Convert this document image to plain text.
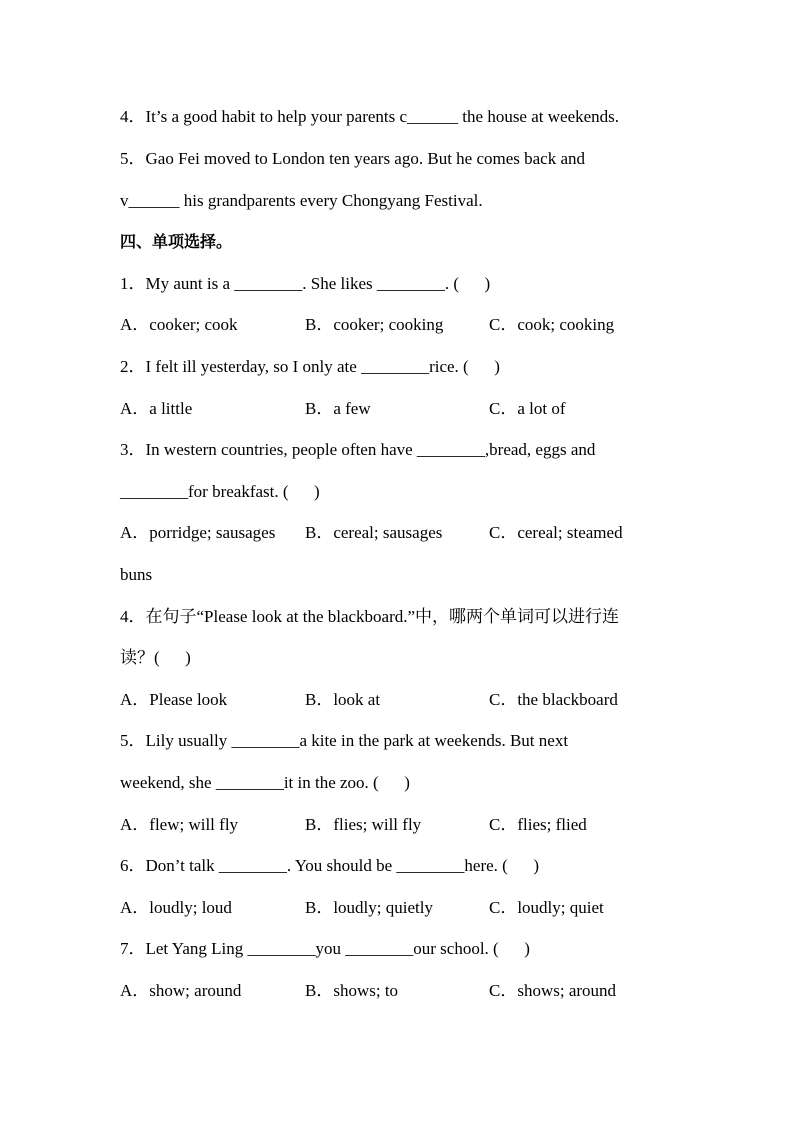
4．It’s a good habit to help your parents c______ the house at weekends.
5．Gao Fei moved to London ten years ago. But he comes back and
v______ his grandparents every Chongyang Festival.
四、单项选择。
1．My aunt is a ________. She likes ________. (      )
A．cooker; cook	B．cooker; cooking	C．cook; cooking
2．I felt ill yesterday, so I only ate ________rice. (      )
A．a little	B．a few	C．a lot of
3．In western countries, people often have ________,bread, eggs and
________for breakfast. (      )
A．porridge; sausages B．cereal; sausages	C．cereal; steamed
buns
4．在句子“Please look at the blackboard.”中，哪两个单词可以进行连
读？(      )
A．Please look	B．look at	C．the blackboard
5．Lily usually ________a kite in the park at weekends. But next
weekend, she ________it in the zoo. (      )
A．flew; will fly	B．flies; will fly	C．flies; flied
6．Don’t talk ________. You should be ________here. (      )
A．loudly; loud	B．loudly; quietly	C．loudly; quiet
7．Let Yang Ling ________you ________our school. (      )
A．show; around	B．shows; to	C．shows; around
